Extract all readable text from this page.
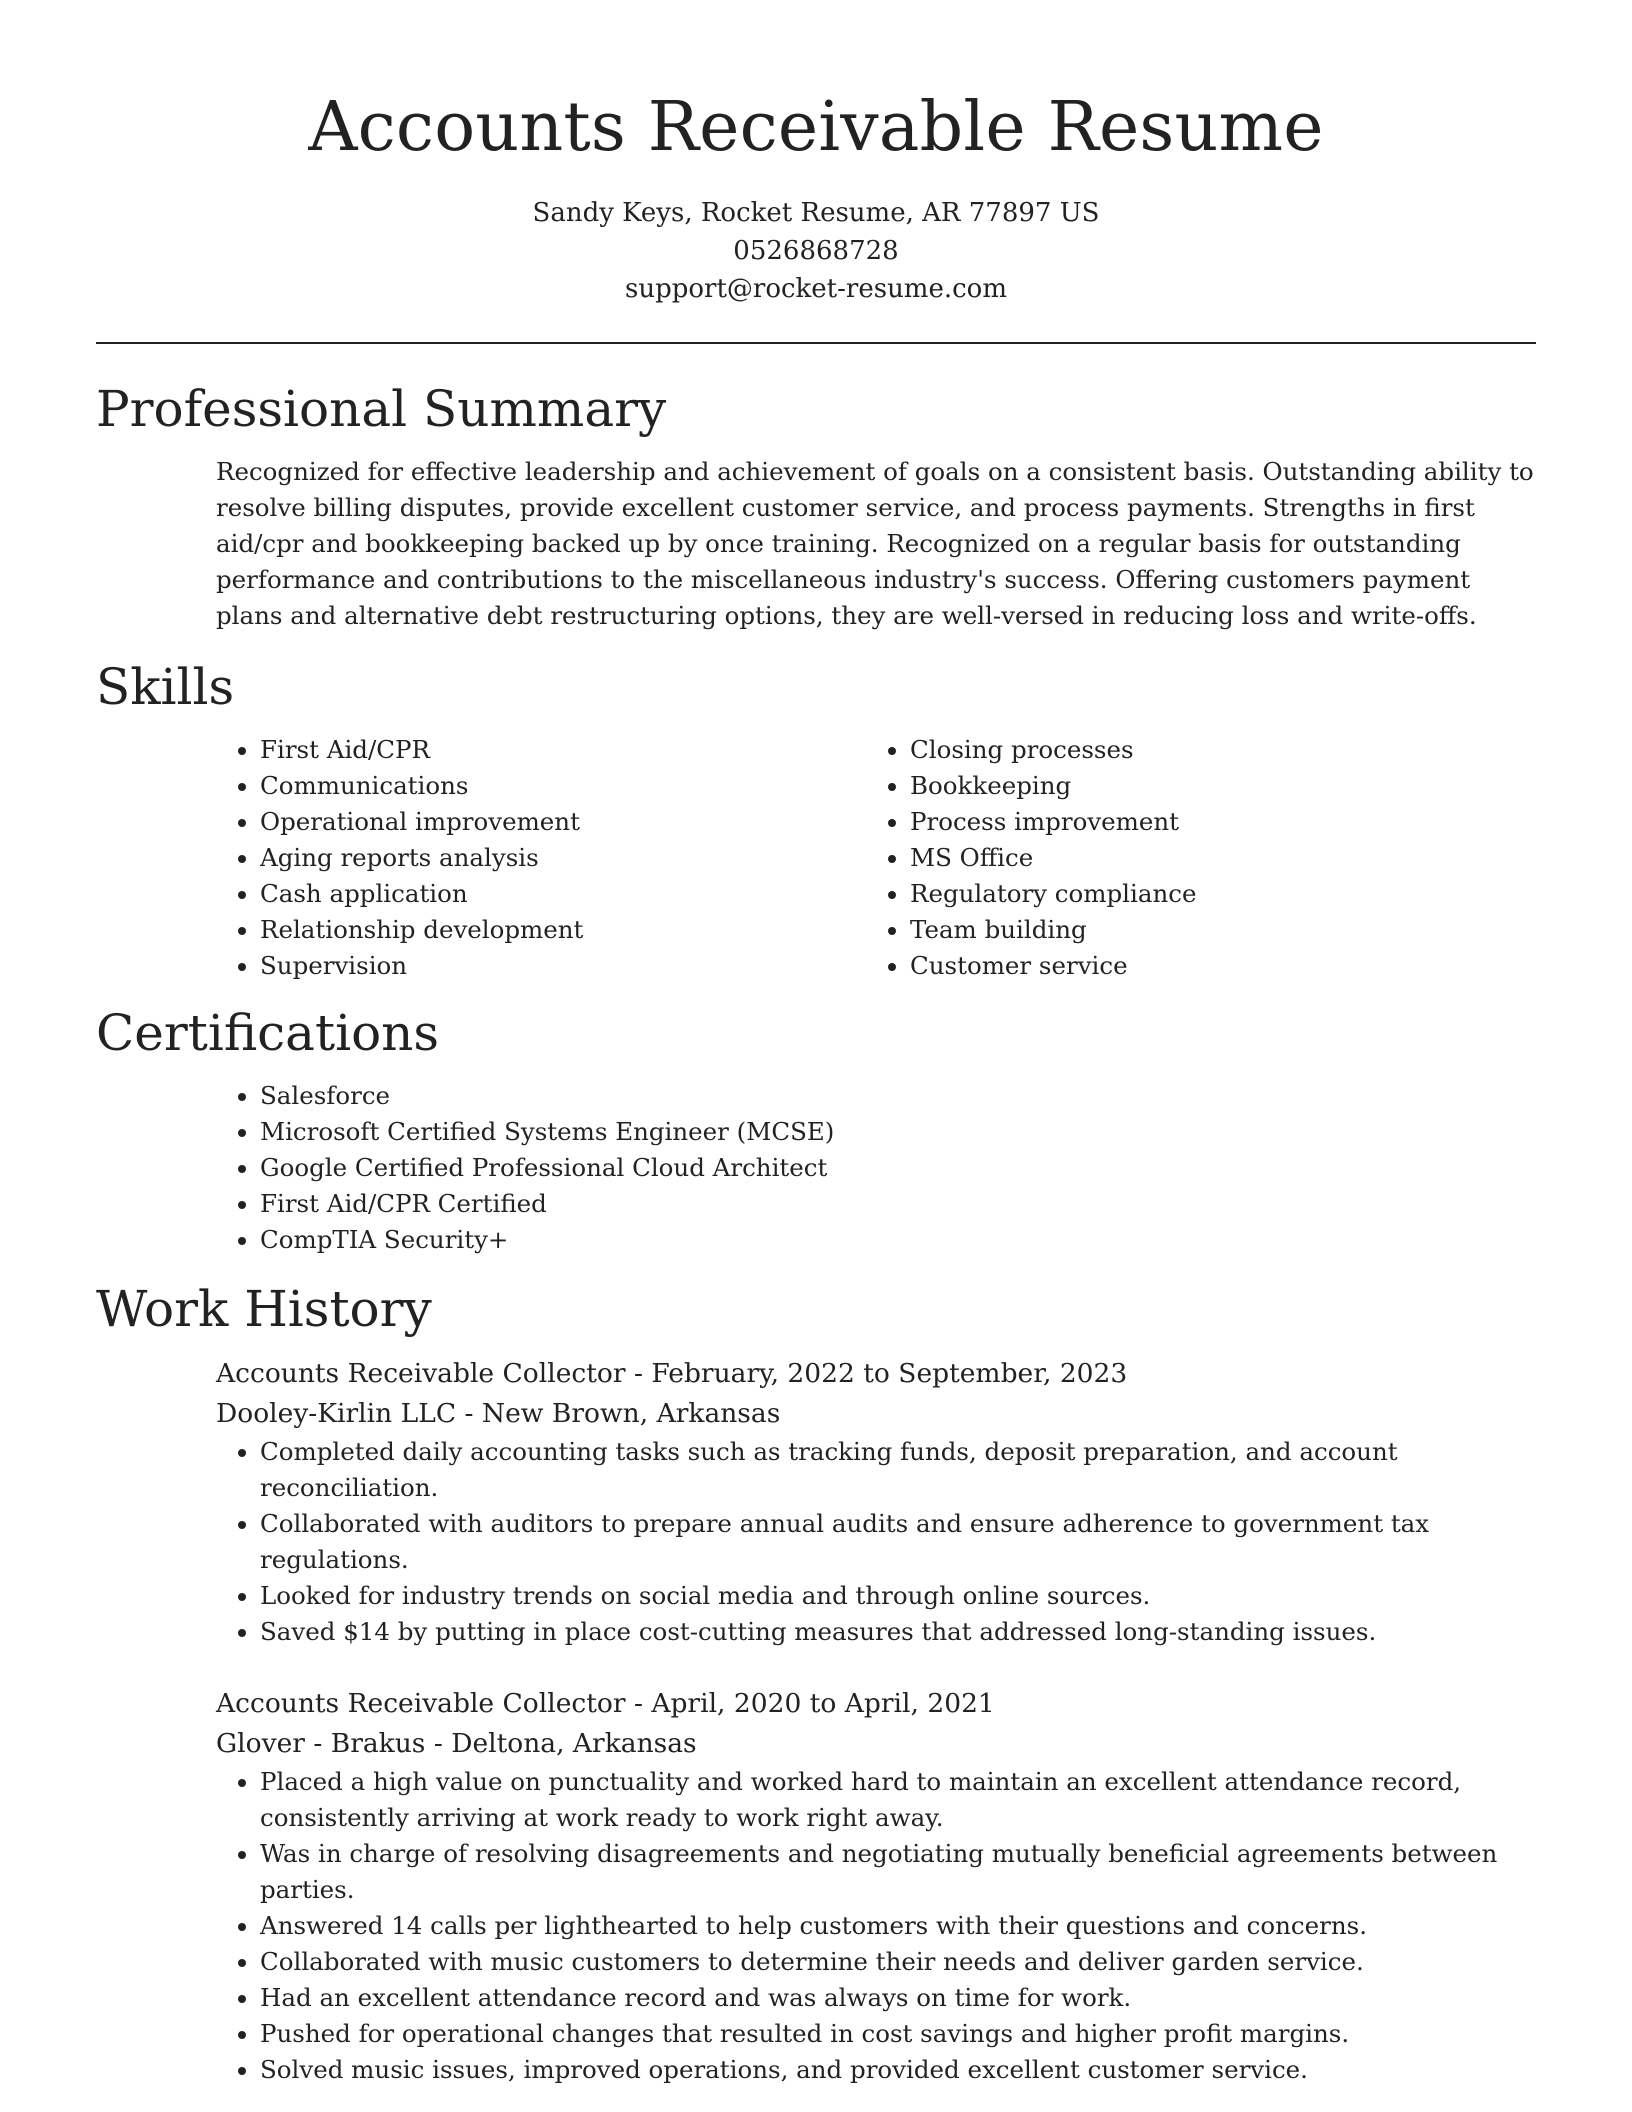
Accounts Receivable Resume
Sandy Keys, Rocket Resume, AR 77897 US
0526868728
support@rocket-resume.com
Professional Summary

Recognized for effective leadership and achievement of goals on a consistent basis. Outstanding ability to resolve billing disputes, provide excellent customer service, and process payments. Strengths in first aid/cpr and bookkeeping backed up by once training. Recognized on a regular basis for outstanding performance and contributions to the miscellaneous industry's success. Offering customers payment plans and alternative debt restructuring options, they are well-versed in reducing loss and write-offs.

Skills
• First Aid/CPR
• Communications
• Operational improvement
• Aging reports analysis
• Cash application
• Relationship development
• Supervision
• Closing processes
• Bookkeeping
• Process improvement
• MS Office
• Regulatory compliance
• Team building
• Customer service
Certifications
• Salesforce
• Microsoft Certified Systems Engineer (MCSE)
• Google Certified Professional Cloud Architect
• First Aid/CPR Certified
• CompTIA Security+
Work History
Accounts Receivable Collector - February, 2022 to September, 2023
Dooley-Kirlin LLC - New Brown, Arkansas
• Completed daily accounting tasks such as tracking funds, deposit preparation, and account reconciliation.
• Collaborated with auditors to prepare annual audits and ensure adherence to government tax regulations.
• Looked for industry trends on social media and through online sources.
• Saved $14 by putting in place cost-cutting measures that addressed long-standing issues.
Accounts Receivable Collector - April, 2020 to April, 2021
Glover - Brakus - Deltona, Arkansas
• Placed a high value on punctuality and worked hard to maintain an excellent attendance record, consistently arriving at work ready to work right away.
• Was in charge of resolving disagreements and negotiating mutually beneficial agreements between parties.
• Answered 14 calls per lighthearted to help customers with their questions and concerns.
• Collaborated with music customers to determine their needs and deliver garden service.
• Had an excellent attendance record and was always on time for work.
• Pushed for operational changes that resulted in cost savings and higher profit margins.
• Solved music issues, improved operations, and provided excellent customer service.
